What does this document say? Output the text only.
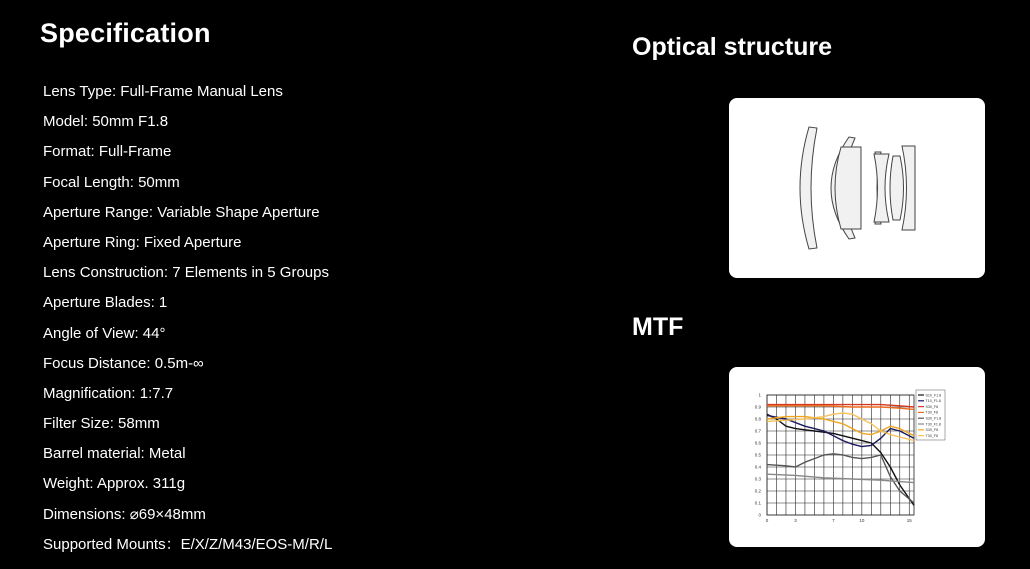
Specification
Lens Type: Full-Frame Manual Lens
Model: 50mm F1.8
Format: Full-Frame
Focal Length: 50mm
Aperture Range: Variable Shape Aperture
Aperture Ring: Fixed Aperture
Lens Construction: 7 Elements in 5 Groups
Aperture Blades: 1
Angle of View: 44°
Focus Distance: 0.5m-∞
Magnification: 1:7.7
Filter Size: 58mm
Barrel material: Metal
Weight: Approx. 311g
Dimensions: ⌀69×48mm
Supported Mounts：E/X/Z/M43/EOS-M/R/L
Optical structure
MTF
0
0.1
0.2
0.3
0.4
0.5
0.6
0.7
0.8
0.9
1
0	3	7	10	15
S10_F1.8
T10_F1.8
S30_F8
T30_F8
S30_F1.8
T30_F1.8
S30_F8
T30_F8
